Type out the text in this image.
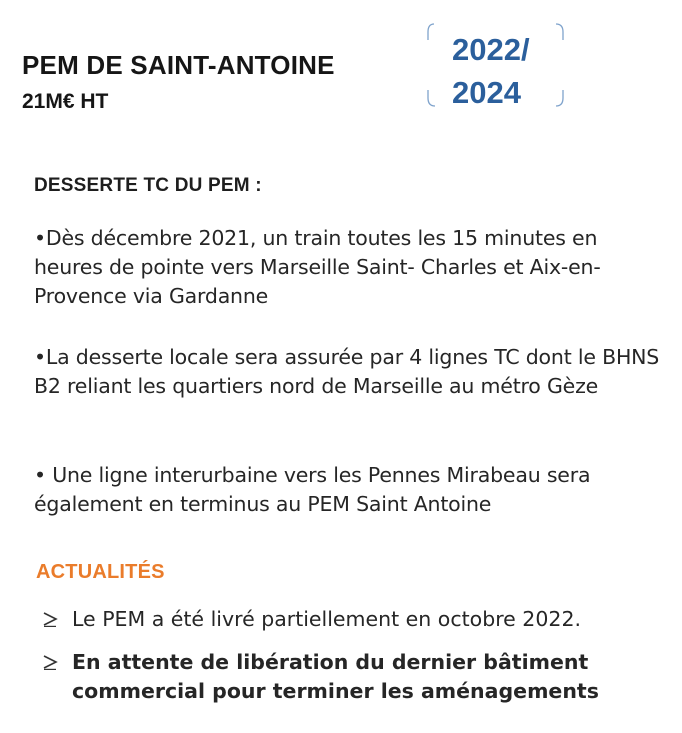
PEM DE SAINT-ANTOINE
21M€ HT
2022/
2024
DESSERTE TC DU PEM :
•Dès décembre 2021, un train toutes les 15 minutes en heures de pointe vers Marseille Saint- Charles et Aix-en-Provence via Gardanne
•La desserte locale sera assurée par 4 lignes TC dont le BHNS B2 reliant les quartiers nord de Marseille au métro Gèze
• Une ligne interurbaine vers les Pennes Mirabeau sera également en terminus au PEM Saint Antoine
ACTUALITÉS
Le PEM a été livré partiellement en octobre 2022.
En attente de libération du dernier bâtiment commercial pour terminer les aménagements
